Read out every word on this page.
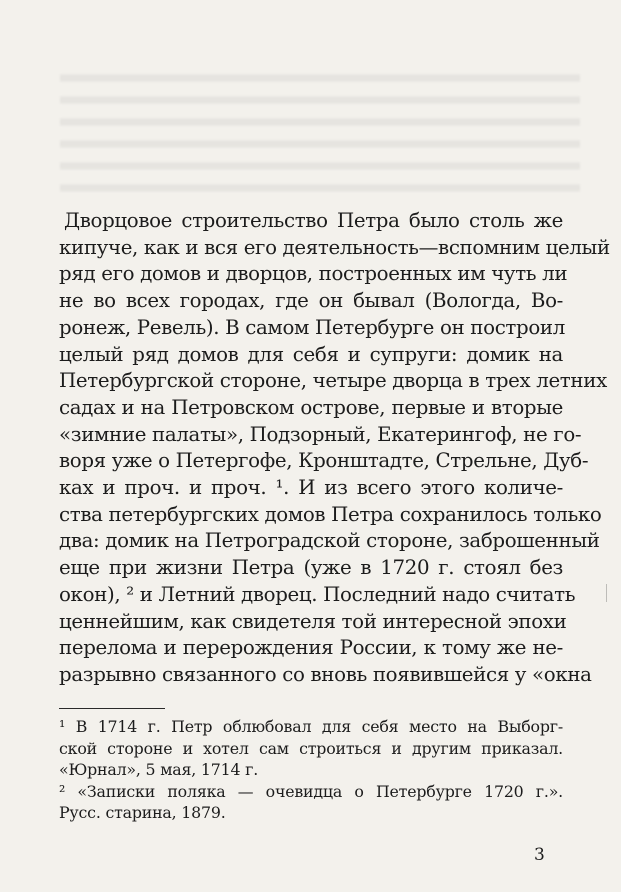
Дворцовое строительство Петра было столь же
кипуче, как и вся его деятельность—вспомним целый
ряд его домов и дворцов, построенных им чуть ли
не во всех городах, где он бывал (Вологда, Во-
ронеж, Ревель). В самом Петербурге он построил
целый ряд домов для себя и супруги: домик на
Петербургской стороне, четыре дворца в трех летних
садах и на Петровском острове, первые и вторые
«зимние палаты», Подзорный, Екатерингоф, не го-
воря уже о Петергофе, Кронштадте, Стрельне, Дуб-
ках и проч. и проч. ¹. И из всего этого количе-
ства петербургских домов Петра сохранилось только
два: домик на Петроградской стороне, заброшенный
еще при жизни Петра (уже в 1720 г. стоял без
окон), ² и Летний дворец. Последний надо считать
ценнейшим, как свидетеля той интересной эпохи
перелома и перерождения России, к тому же не-
разрывно связанного со вновь появившейся у «окна
¹ В 1714 г. Петр облюбовал для себя место на Выборг-
ской стороне и хотел сам строиться и другим приказал.
«Юрнал», 5 мая, 1714 г.
² «Записки поляка — очевидца о Петербурге 1720 г.».
Русс. старина, 1879.
3
